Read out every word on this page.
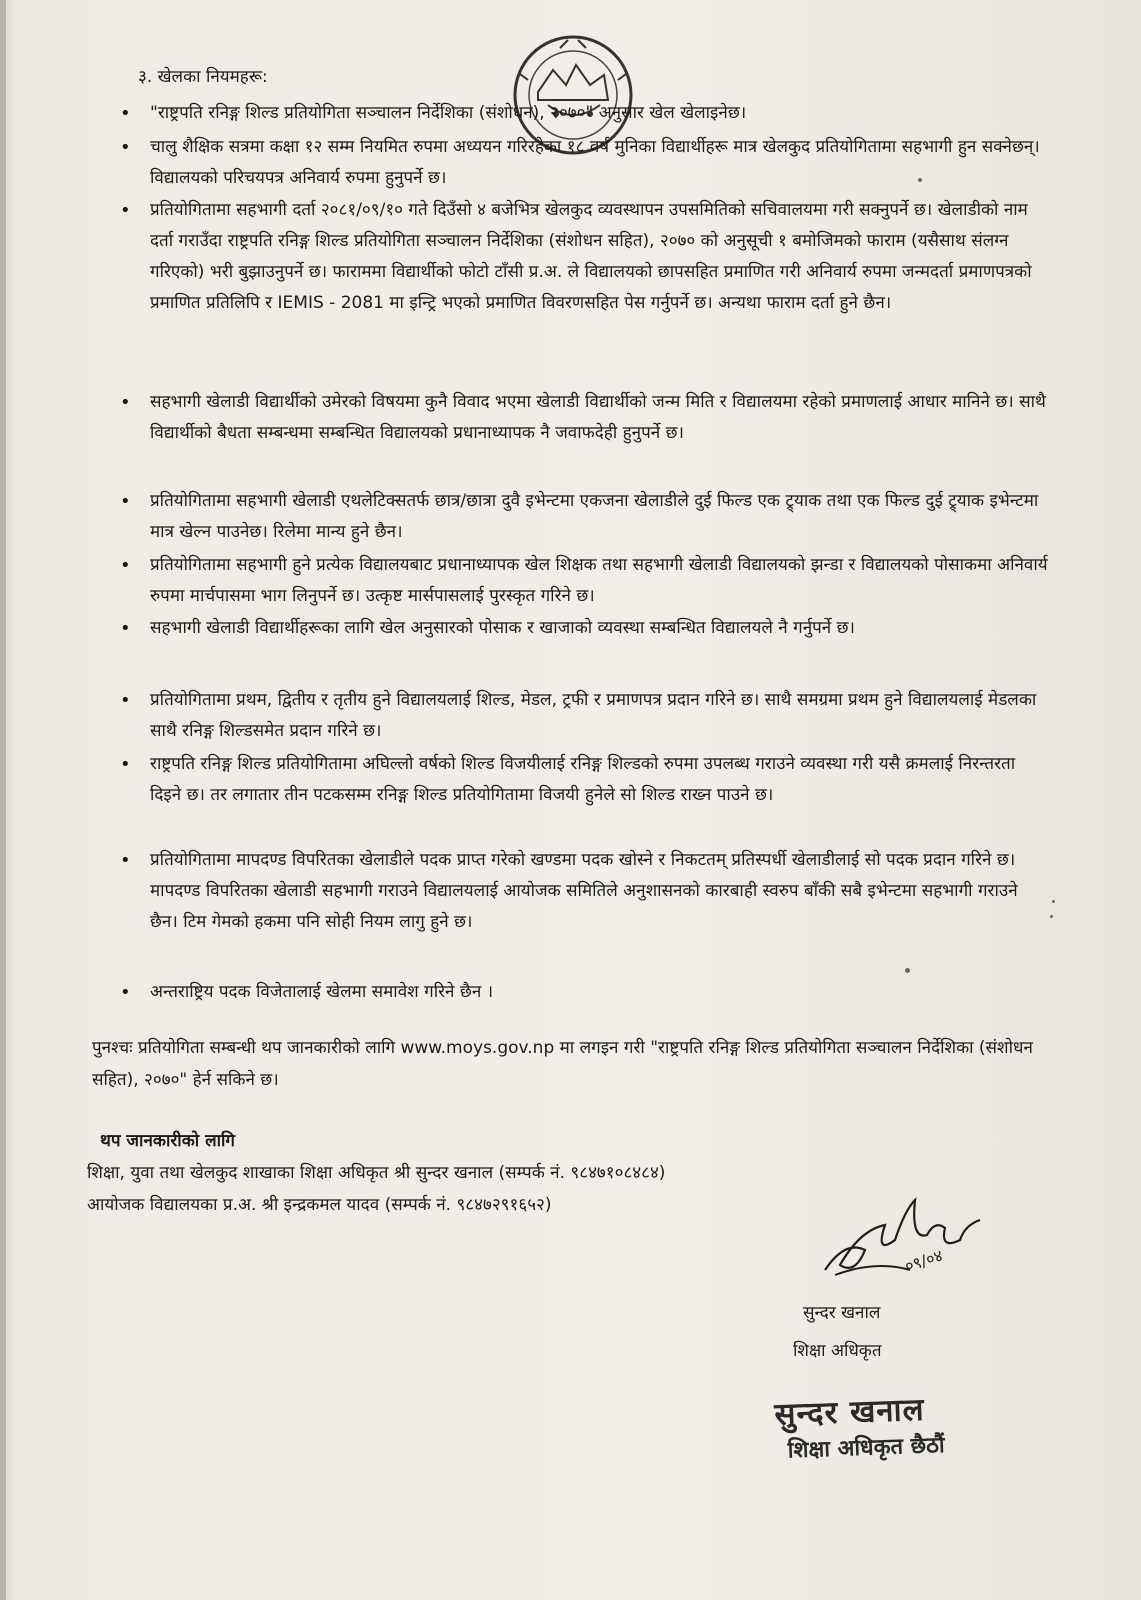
३. खेलका नियमहरू:
• "राष्ट्रपति रनिङ्ग शिल्ड प्रतियोगिता सञ्चालन निर्देशिका (संशोधन), २०७०" अनुसार खेल खेलाइनेछ।
• चालु शैक्षिक सत्रमा कक्षा १२ सम्म नियमित रुपमा अध्ययन गरिरहेका १८ वर्ष मुनिका विद्यार्थीहरू मात्र खेलकुद प्रतियोगितामा सहभागी हुन सक्नेछन्। विद्यालयको परिचयपत्र अनिवार्य रुपमा हुनुपर्ने छ।
• प्रतियोगितामा सहभागी दर्ता २०८१/०९/१० गते दिउँसो ४ बजेभित्र खेलकुद व्यवस्थापन उपसमितिको सचिवालयमा गरी सक्नुपर्ने छ। खेलाडीको नाम दर्ता गराउँदा राष्ट्रपति रनिङ्ग शिल्ड प्रतियोगिता सञ्चालन निर्देशिका (संशोधन सहित), २०७० को अनुसूची १ बमोजिमको फाराम (यसैसाथ संलग्न गरिएको) भरी बुझाउनुपर्ने छ। फाराममा विद्यार्थीको फोटो टाँसी प्र.अ. ले विद्यालयको छापसहित प्रमाणित गरी अनिवार्य रुपमा जन्मदर्ता प्रमाणपत्रको प्रमाणित प्रतिलिपि र IEMIS - 2081 मा इन्ट्रि भएको प्रमाणित विवरणसहित पेस गर्नुपर्ने छ। अन्यथा फाराम दर्ता हुने छैन।
• सहभागी खेलाडी विद्यार्थीको उमेरको विषयमा कुनै विवाद भएमा खेलाडी विद्यार्थीको जन्म मिति र विद्यालयमा रहेको प्रमाणलाई आधार मानिने छ। साथै विद्यार्थीको बैधता सम्बन्धमा सम्बन्धित विद्यालयको प्रधानाध्यापक नै जवाफदेही हुनुपर्ने छ।
• प्रतियोगितामा सहभागी खेलाडी एथलेटिक्सतर्फ छात्र/छात्रा दुवै इभेन्टमा एकजना खेलाडीले दुई फिल्ड एक ट्र्याक तथा एक फिल्ड दुई ट्र्याक इभेन्टमा मात्र खेल्न पाउनेछ। रिलेमा मान्य हुने छैन।
• प्रतियोगितामा सहभागी हुने प्रत्येक विद्यालयबाट प्रधानाध्यापक खेल शिक्षक तथा सहभागी खेलाडी विद्यालयको झन्डा र विद्यालयको पोसाकमा अनिवार्य रुपमा मार्चपासमा भाग लिनुपर्ने छ। उत्कृष्ट मार्सपासलाई पुरस्कृत गरिने छ।
• सहभागी खेलाडी विद्यार्थीहरूका लागि खेल अनुसारको पोसाक र खाजाको व्यवस्था सम्बन्धित विद्यालयले नै गर्नुपर्ने छ।
• प्रतियोगितामा प्रथम, द्वितीय र तृतीय हुने विद्यालयलाई शिल्ड, मेडल, ट्रफी र प्रमाणपत्र प्रदान गरिने छ। साथै समग्रमा प्रथम हुने विद्यालयलाई मेडलका साथै रनिङ्ग शिल्डसमेत प्रदान गरिने छ।
• राष्ट्रपति रनिङ्ग शिल्ड प्रतियोगितामा अघिल्लो वर्षको शिल्ड विजयीलाई रनिङ्ग शिल्डको रुपमा उपलब्ध गराउने व्यवस्था गरी यसै क्रमलाई निरन्तरता दिइने छ। तर लगातार तीन पटकसम्म रनिङ्ग शिल्ड प्रतियोगितामा विजयी हुनेले सो शिल्ड राख्न पाउने छ।
• प्रतियोगितामा मापदण्ड विपरितका खेलाडीले पदक प्राप्त गरेको खण्डमा पदक खोस्ने र निकटतम् प्रतिस्पर्धी खेलाडीलाई सो पदक प्रदान गरिने छ। मापदण्ड विपरितका खेलाडी सहभागी गराउने विद्यालयलाई आयोजक समितिले अनुशासनको कारबाही स्वरुप बाँकी सबै इभेन्टमा सहभागी गराउने छैन। टिम गेमको हकमा पनि सोही नियम लागु हुने छ।
• अन्तराष्ट्रिय पदक विजेतालाई खेलमा समावेश गरिने छैन ।
पुनश्चः प्रतियोगिता सम्बन्धी थप जानकारीको लागि www.moys.gov.np मा लगइन गरी "राष्ट्रपति रनिङ्ग शिल्ड प्रतियोगिता सञ्चालन निर्देशिका (संशोधन सहित), २०७०" हेर्न सकिने छ।
थप जानकारीको लागि
शिक्षा, युवा तथा खेलकुद शाखाका शिक्षा अधिकृत श्री सुन्दर खनाल (सम्पर्क नं. ९८४७१०८४८४)
आयोजक विद्यालयका प्र.अ. श्री इन्द्रकमल यादव (सम्पर्क नं. ९८४७२९१६५२)
०९/०४
सुन्दर खनाल
शिक्षा अधिकृत
सुन्दर खनाल
शिक्षा अधिकृत छैठौं
